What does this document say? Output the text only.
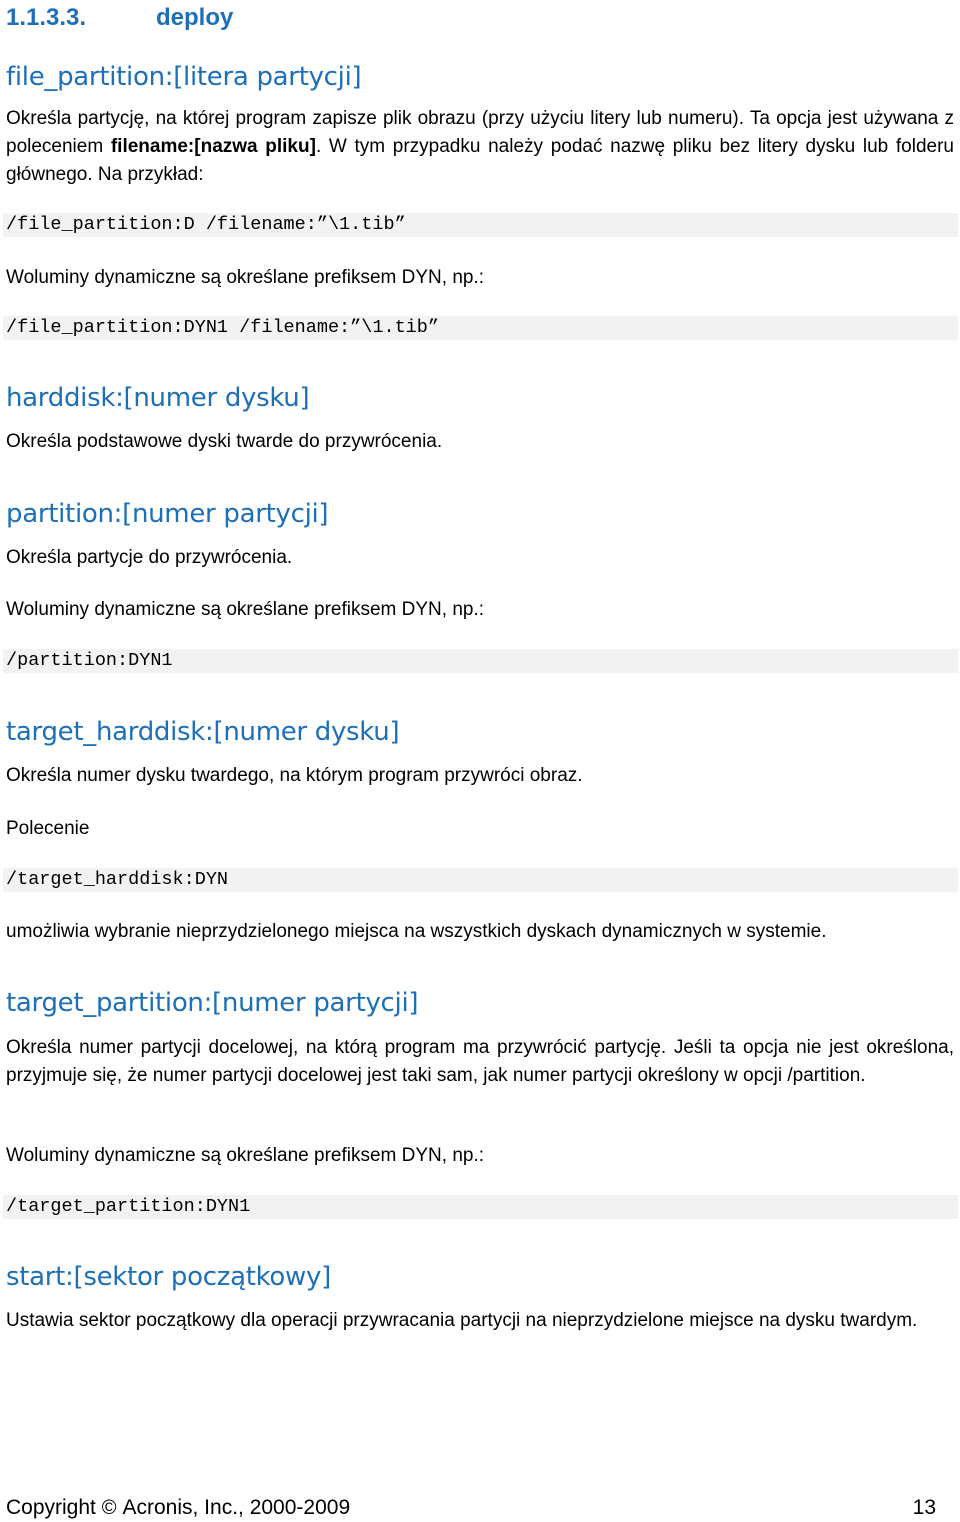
1.1.3.3.	deploy
file_partition:[litera partycji]
Określa partycję, na której program zapisze plik obrazu (przy użyciu litery lub numeru). Ta opcja jest używana z poleceniem filename:[nazwa pliku]. W tym przypadku należy podać nazwę pliku bez litery dysku lub folderu głównego. Na przykład:
/file_partition:D /filename:”\1.tib”
Woluminy dynamiczne są określane prefiksem DYN, np.:
/file_partition:DYN1 /filename:”\1.tib”
harddisk:[numer dysku]
Określa podstawowe dyski twarde do przywrócenia.
partition:[numer partycji]
Określa partycje do przywrócenia.
Woluminy dynamiczne są określane prefiksem DYN, np.:
/partition:DYN1
target_harddisk:[numer dysku]
Określa numer dysku twardego, na którym program przywróci obraz.
Polecenie
/target_harddisk:DYN
umożliwia wybranie nieprzydzielonego miejsca na wszystkich dyskach dynamicznych w systemie.
target_partition:[numer partycji]
Określa numer partycji docelowej, na którą program ma przywrócić partycję. Jeśli ta opcja nie jest określona, przyjmuje się, że numer partycji docelowej jest taki sam, jak numer partycji określony w opcji /partition.
Woluminy dynamiczne są określane prefiksem DYN, np.:
/target_partition:DYN1
start:[sektor początkowy]
Ustawia sektor początkowy dla operacji przywracania partycji na nieprzydzielone miejsce na dysku twardym.
Copyright © Acronis, Inc., 2000-2009	13
